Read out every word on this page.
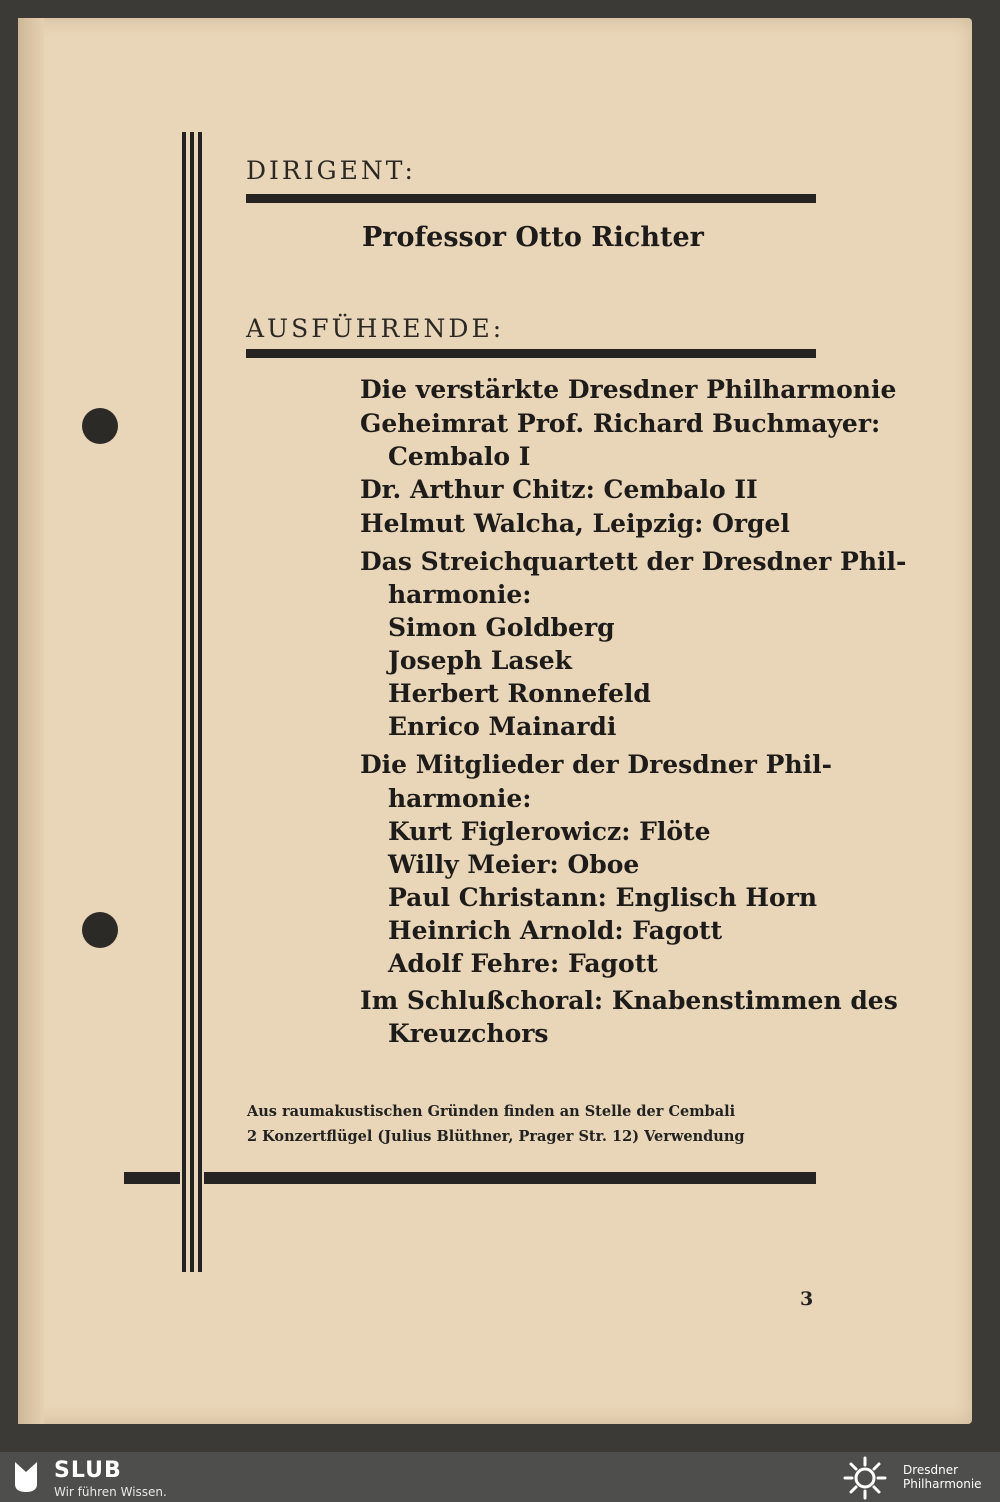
DIRIGENT:
Professor Otto Richter
AUSFÜHRENDE:
Die verstärkte Dresdner Philharmonie
Geheimrat Prof. Richard Buchmayer:
Cembalo I
Dr. Arthur Chitz: Cembalo II
Helmut Walcha, Leipzig: Orgel
Das Streichquartett der Dresdner Phil-
harmonie:
Simon Goldberg
Joseph Lasek
Herbert Ronnefeld
Enrico Mainardi
Die Mitglieder der Dresdner Phil-
harmonie:
Kurt Figlerowicz: Flöte
Willy Meier: Oboe
Paul Christann: Englisch Horn
Heinrich Arnold: Fagott
Adolf Fehre: Fagott
Im Schlußchoral: Knabenstimmen des
Kreuzchors
Aus raumakustischen Gründen finden an Stelle der Cembali
2 Konzertflügel (Julius Blüthner, Prager Str. 12) Verwendung
3
SLUB
Wir führen Wissen.
Dresdner
Philharmonie
